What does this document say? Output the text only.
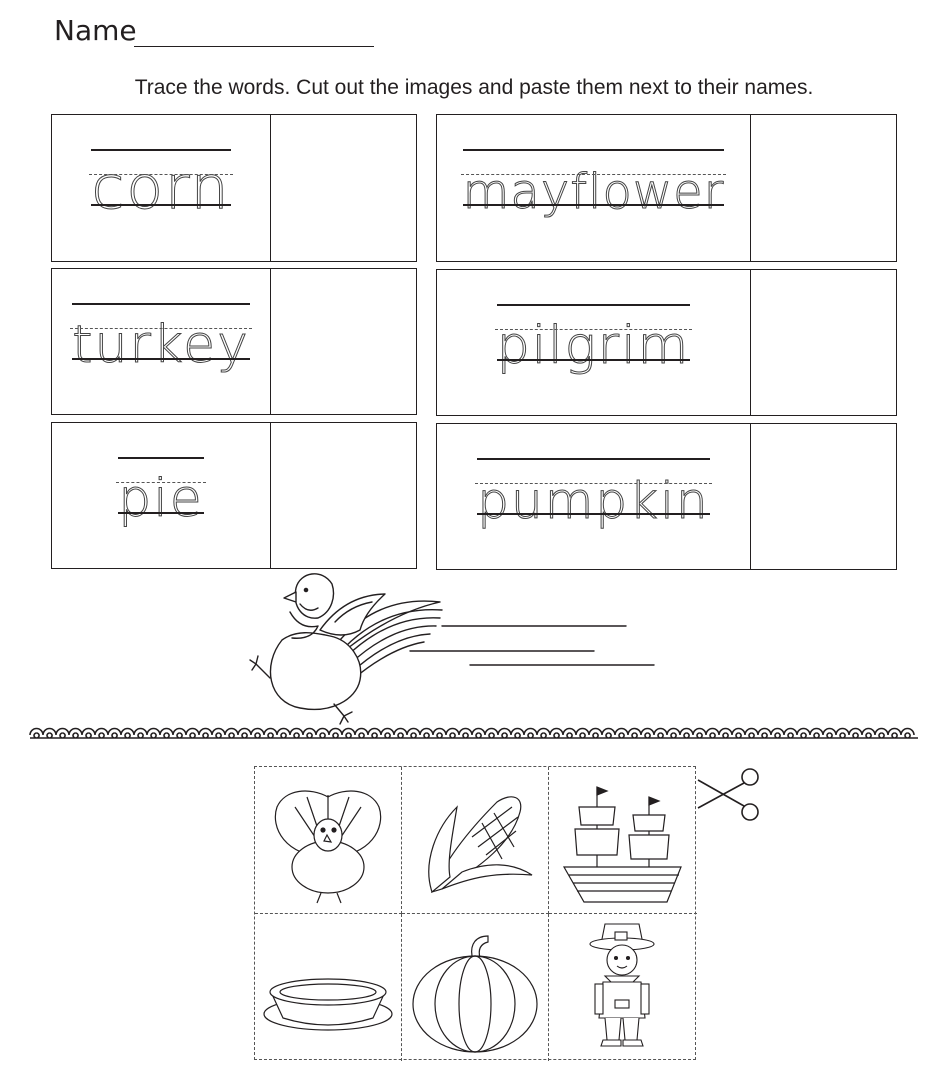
Name
Trace the words. Cut out the images and paste them next to their names.
corn	mayflower
turkey	pilgrim
pie	pumpkin
